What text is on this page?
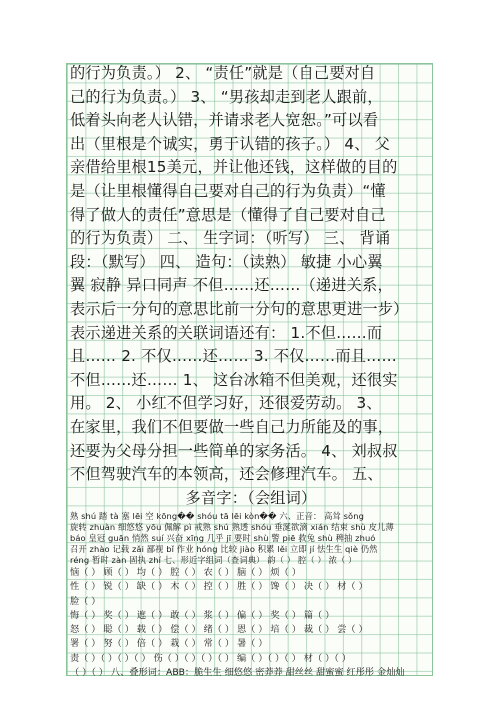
的行为负责。） 2、 “责任”就是（自己要对自
己的行为负责。） 3、 “男孩却走到老人跟前，
低着头向老人认错，并请求老人宽恕。”可以看
出（里根是个诚实，勇于认错的孩子。） 4、 父
亲借给里根15美元，并让他还钱，这样做的目的
是（让里根懂得自己要对自己的行为负责）“懂
得了做人的责任”意思是（懂得了自己要对自己
的行为负责） 二、 生字词：（听写） 三、 背诵
段：（默写） 四、 造句：（读熟） 敏捷 小心翼
翼 寂静 异口同声 不但……还……（递进关系，
表示后一分句的意思比前一分句的意思更进一步）
表示递进关系的关联词语还有： 1.不但……而
且…… 2. 不仅……还…… 3. 不仅……而且……
不但……还…… 1、 这台冰箱不但美观，还很实
用。 2、 小红不但学习好，还很爱劳动。 3、
在家里，我们不但要做一些自己力所能及的事，
还要为父母分担一些简单的家务活。 4、 刘叔叔
不但驾驶汽车的本领高，还会修理汽车。 五、
多音字：（会组词）
熟 shú 踏 tà 塞 lēi 空 kōng�� shóu tā lēi kòn�� 六、正音： 高耸 sǒng
旋转 zhuàn 细悠悠 yōu 佩解 pì 戒熟 shú 熟透 shóu 垂涎欲滴 xián 结束 shù 皮儿薄
báo 皇冠 guān 悄然 suí 兴奋 xīng 几乎 jī 要时 shù 警 piē 救兔 shù 稗抽 zhuó
召开 zhào 记载 zǎi 鄙视 bǐ 作业 hóng 比较 jiào 积累 lěi 立即 jí 怯生生 qiè 仍然
réng 暂时 zàn 固执 zhí 七、形近字组词（查词典） 韵（ ） 腔（ ） 浓（ ）
恼（ ） 顾（ ） 均（ ） 腔（ ） 农（ ） 脑（ ） 烦（ ）
性（ ） 锐（ ） 缺（ ） 木（ ） 控（ ） 胜（ ） 馋（ ） 决（ ） 材（ ）
脸（ ）
悔（ ） 奖（ ） 遮（ ） 敢（ ） 浆（ ） 偏（ ） 奖（ ） 篇（ ）
怒（ ） 聪（ ） 载（ ） 偿（ ） 绪（ ） 恩（ ） 培（ ） 裁（ ） 尝（ ）
署（ ） 努（ ） 倍（ ） 栽（ ） 常（ ） 暑（ ）
责（ ）（ ）（ ）（ ） 伤（ ）（ ）（ ）（ ） 编（ ）（ ）（ ） 材（ ）（ ）
（ ）（ ） 八、叠形词：ABB：脆生生 细悠悠 密莽莽 甜丝丝 甜蜜蜜 红彤彤 金灿灿
